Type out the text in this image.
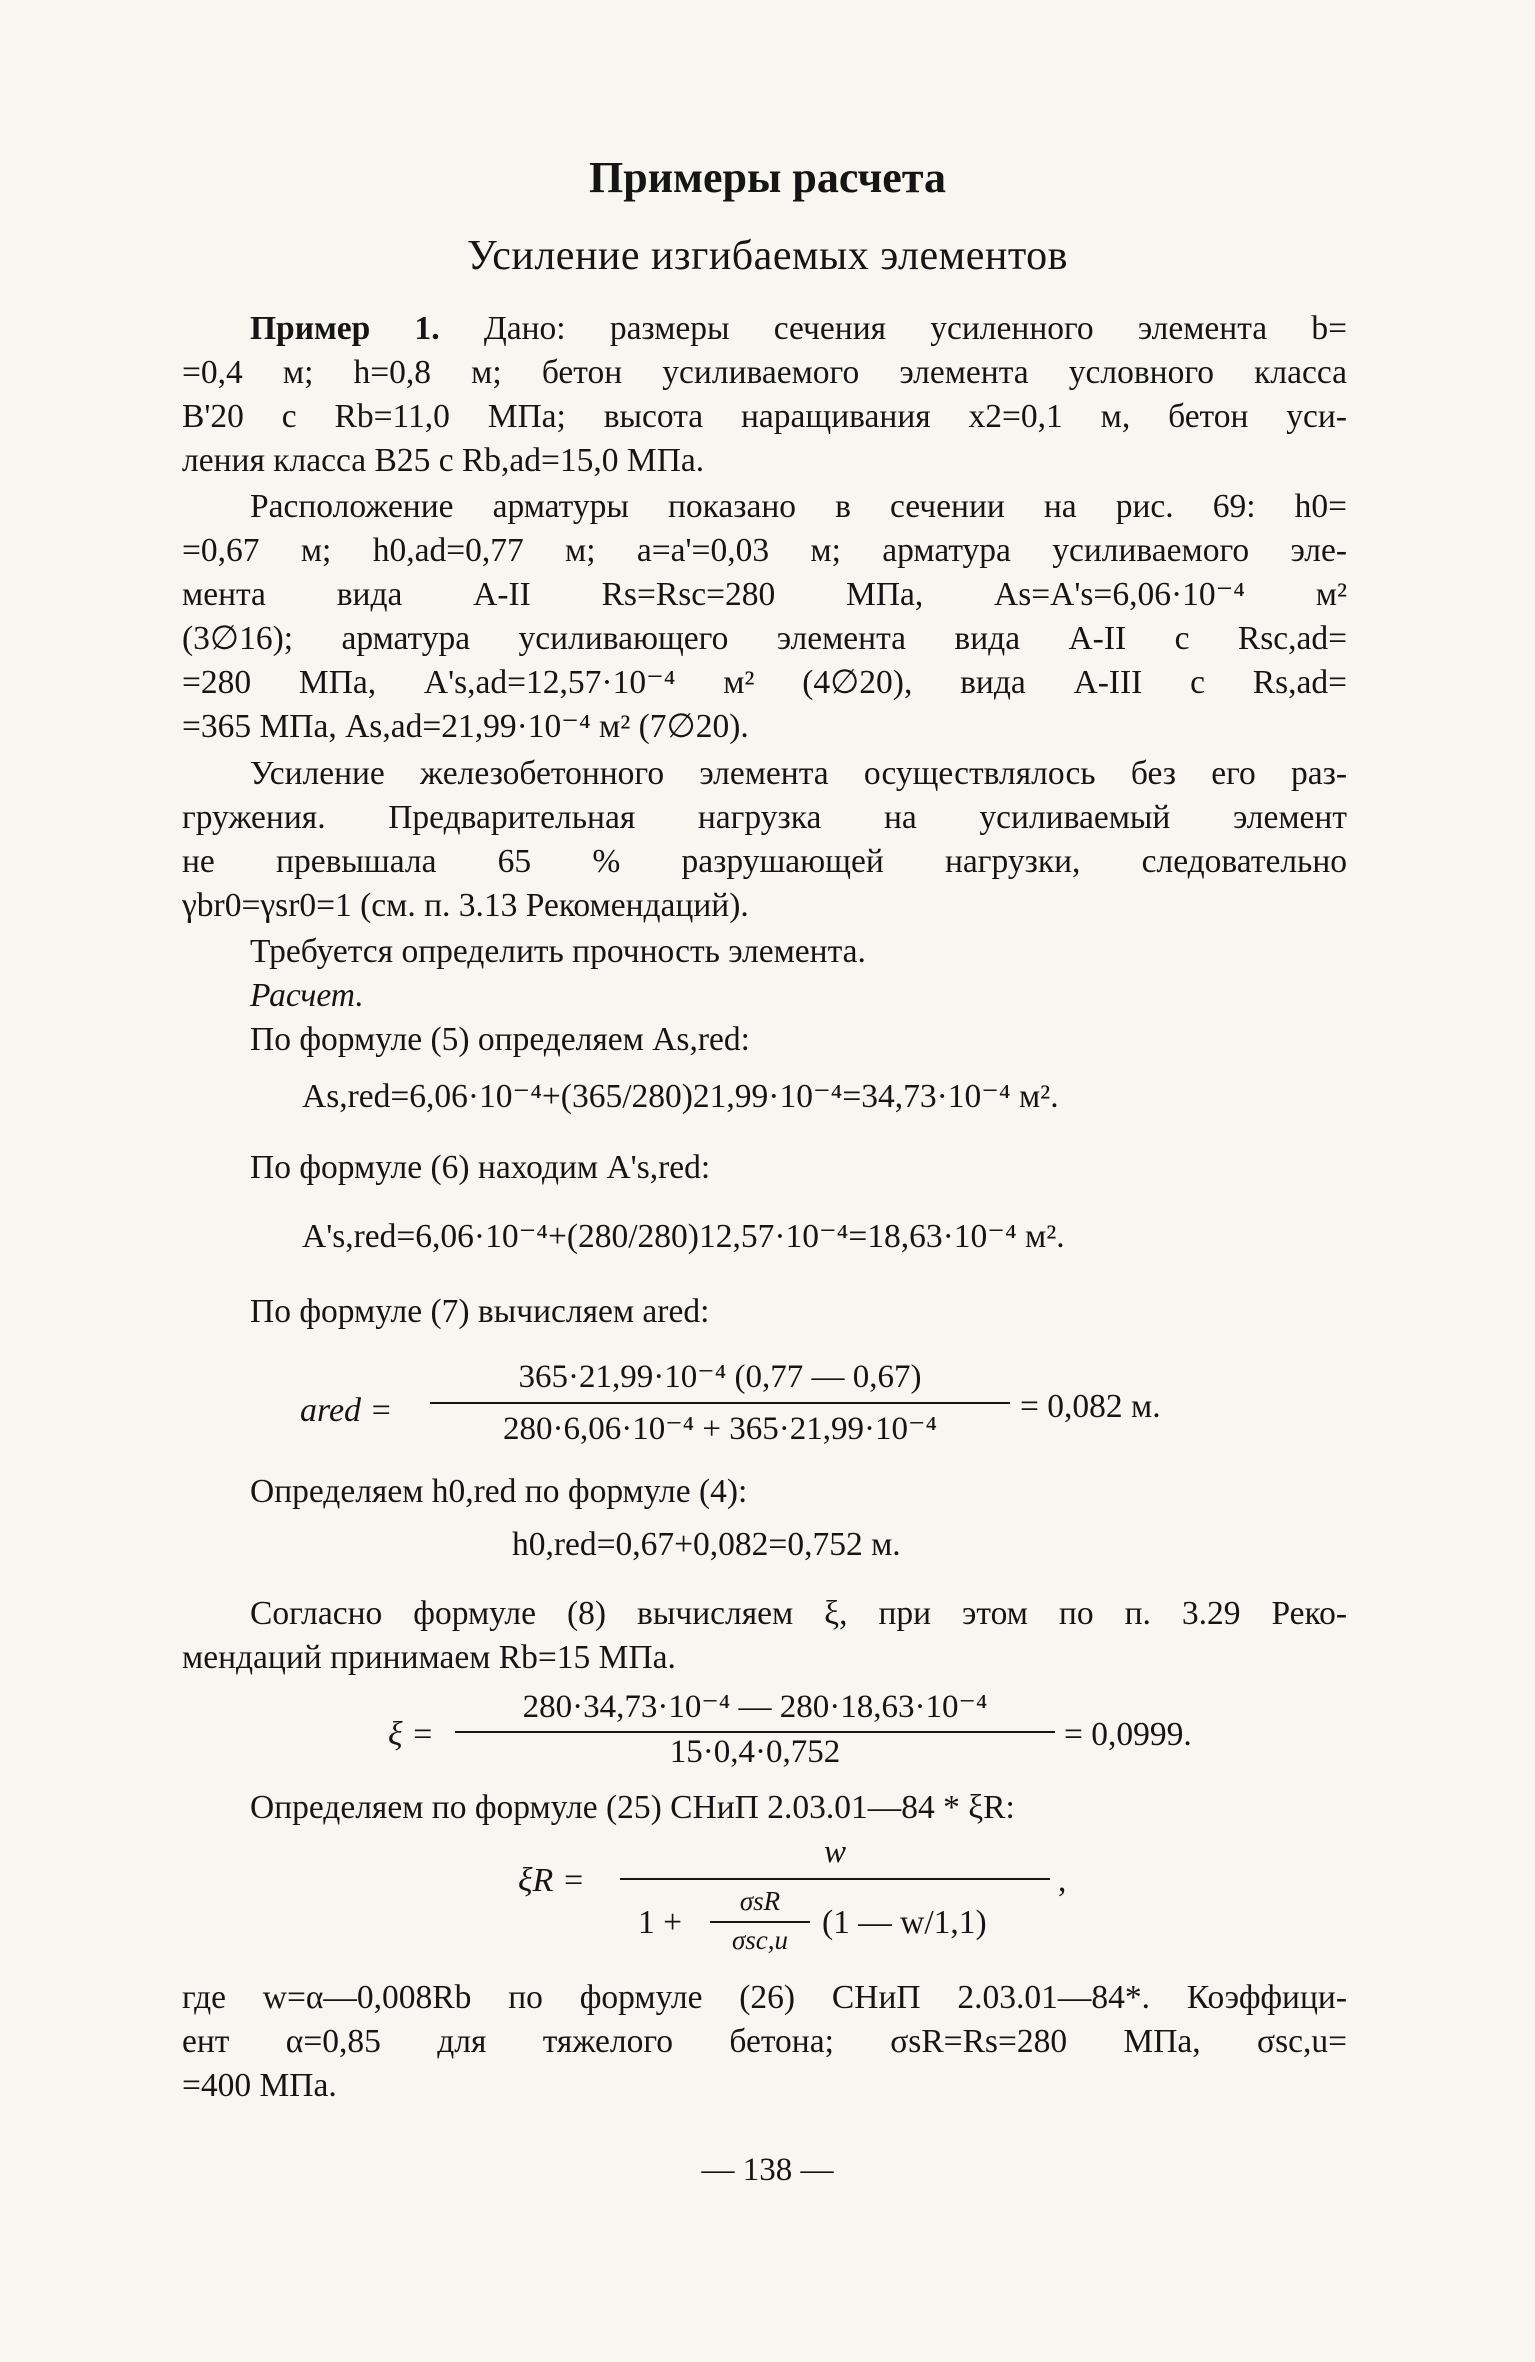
Примеры расчета
Усиление изгибаемых элементов
Пример 1. Дано: размеры сечения усиленного элемента b=
=0,4 м; h=0,8 м; бетон усиливаемого элемента условного класса
В'20 с Rb=11,0 МПа; высота наращивания x2=0,1 м, бетон уси-
ления класса В25 с Rb,ad=15,0 МПа.
Расположение арматуры показано в сечении на рис. 69: h0=
=0,67 м; h0,ad=0,77 м; a=a'=0,03 м; арматура усиливаемого эле-
мента вида А-II Rs=Rsc=280 МПа, As=A's=6,06·10⁻⁴ м²
(3∅16); арматура усиливающего элемента вида А-II с Rsc,ad=
=280 МПа, A's,ad=12,57·10⁻⁴ м² (4∅20), вида А-III с Rs,ad=
=365 МПа, As,ad=21,99·10⁻⁴ м² (7∅20).
Усиление железобетонного элемента осуществлялось без его раз-
гружения. Предварительная нагрузка на усиливаемый элемент
не превышала 65 % разрушающей нагрузки, следовательно
γbr0=γsr0=1 (см. п. 3.13 Рекомендаций).
Требуется определить прочность элемента.
Расчет.
По формуле (5) определяем As,red:
As,red=6,06·10⁻⁴+(365/280)21,99·10⁻⁴=34,73·10⁻⁴ м².
По формуле (6) находим A's,red:
A's,red=6,06·10⁻⁴+(280/280)12,57·10⁻⁴=18,63·10⁻⁴ м².
По формуле (7) вычисляем ared:
ared =
365·21,99·10⁻⁴ (0,77 — 0,67)
280·6,06·10⁻⁴ + 365·21,99·10⁻⁴
= 0,082 м.
Определяем h0,red по формуле (4):
h0,red=0,67+0,082=0,752 м.
Согласно формуле (8) вычисляем ξ, при этом по п. 3.29 Реко-
мендаций принимаем Rb=15 МПа.
ξ =
280·34,73·10⁻⁴ — 280·18,63·10⁻⁴
15·0,4·0,752	= 0,0999.
Определяем по формуле (25) СНиП 2.03.01—84 * ξR:
ξR =
w
1 +
σsR
σsc,u	(1 — w/1,1)
,
где w=α—0,008Rb по формуле (26) СНиП 2.03.01—84*. Коэффици-
ент α=0,85 для тяжелого бетона; σsR=Rs=280 МПа, σsc,u=
=400 МПа.
— 138 —
